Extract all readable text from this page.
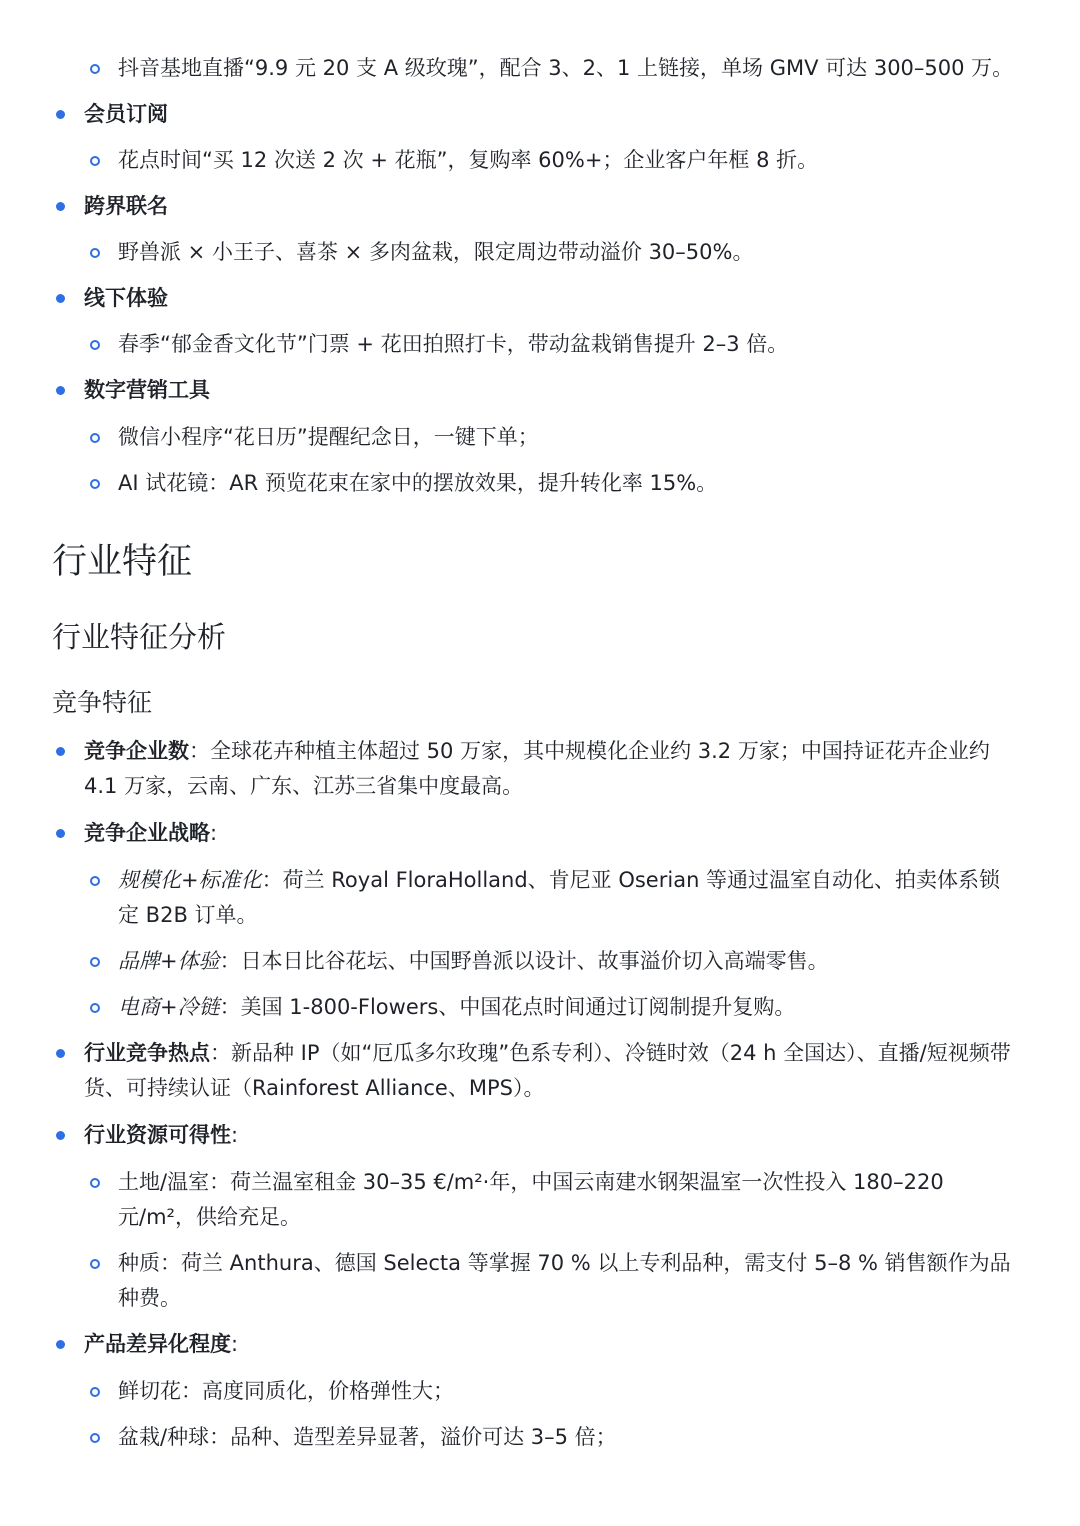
抖音基地直播“9.9 元 20 支 A 级玫瑰”，配合 3、2、1 上链接，单场 GMV 可达 300–500 万。
会员订阅
花点时间“买 12 次送 2 次 + 花瓶”，复购率 60%+；企业客户年框 8 折。
跨界联名
野兽派 × 小王子、喜茶 × 多肉盆栽，限定周边带动溢价 30–50%。
线下体验
春季“郁金香文化节”门票 + 花田拍照打卡，带动盆栽销售提升 2–3 倍。
数字营销工具
微信小程序“花日历”提醒纪念日，一键下单；
AI 试花镜：AR 预览花束在家中的摆放效果，提升转化率 15%。
行业特征
行业特征分析
竞争特征
竞争企业数：全球花卉种植主体超过 50 万家，其中规模化企业约 3.2 万家；中国持证花卉企业约 4.1 万家，云南、广东、江苏三省集中度最高。
竞争企业战略:
规模化+标准化：荷兰 Royal FloraHolland、肯尼亚 Oserian 等通过温室自动化、拍卖体系锁定 B2B 订单。
品牌+体验：日本日比谷花坛、中国野兽派以设计、故事溢价切入高端零售。
电商+冷链：美国 1-800-Flowers、中国花点时间通过订阅制提升复购。
行业竞争热点：新品种 IP（如“厄瓜多尔玫瑰”色系专利）、冷链时效（24 h 全国达）、直播/短视频带货、可持续认证（Rainforest Alliance、MPS）。
行业资源可得性:
土地/温室：荷兰温室租金 30–35 €/m²·年，中国云南建水钢架温室一次性投入 180–220 元/m²，供给充足。
种质：荷兰 Anthura、德国 Selecta 等掌握 70 % 以上专利品种，需支付 5–8 % 销售额作为品种费。
产品差异化程度:
鲜切花：高度同质化，价格弹性大；
盆栽/种球：品种、造型差异显著，溢价可达 3–5 倍；
